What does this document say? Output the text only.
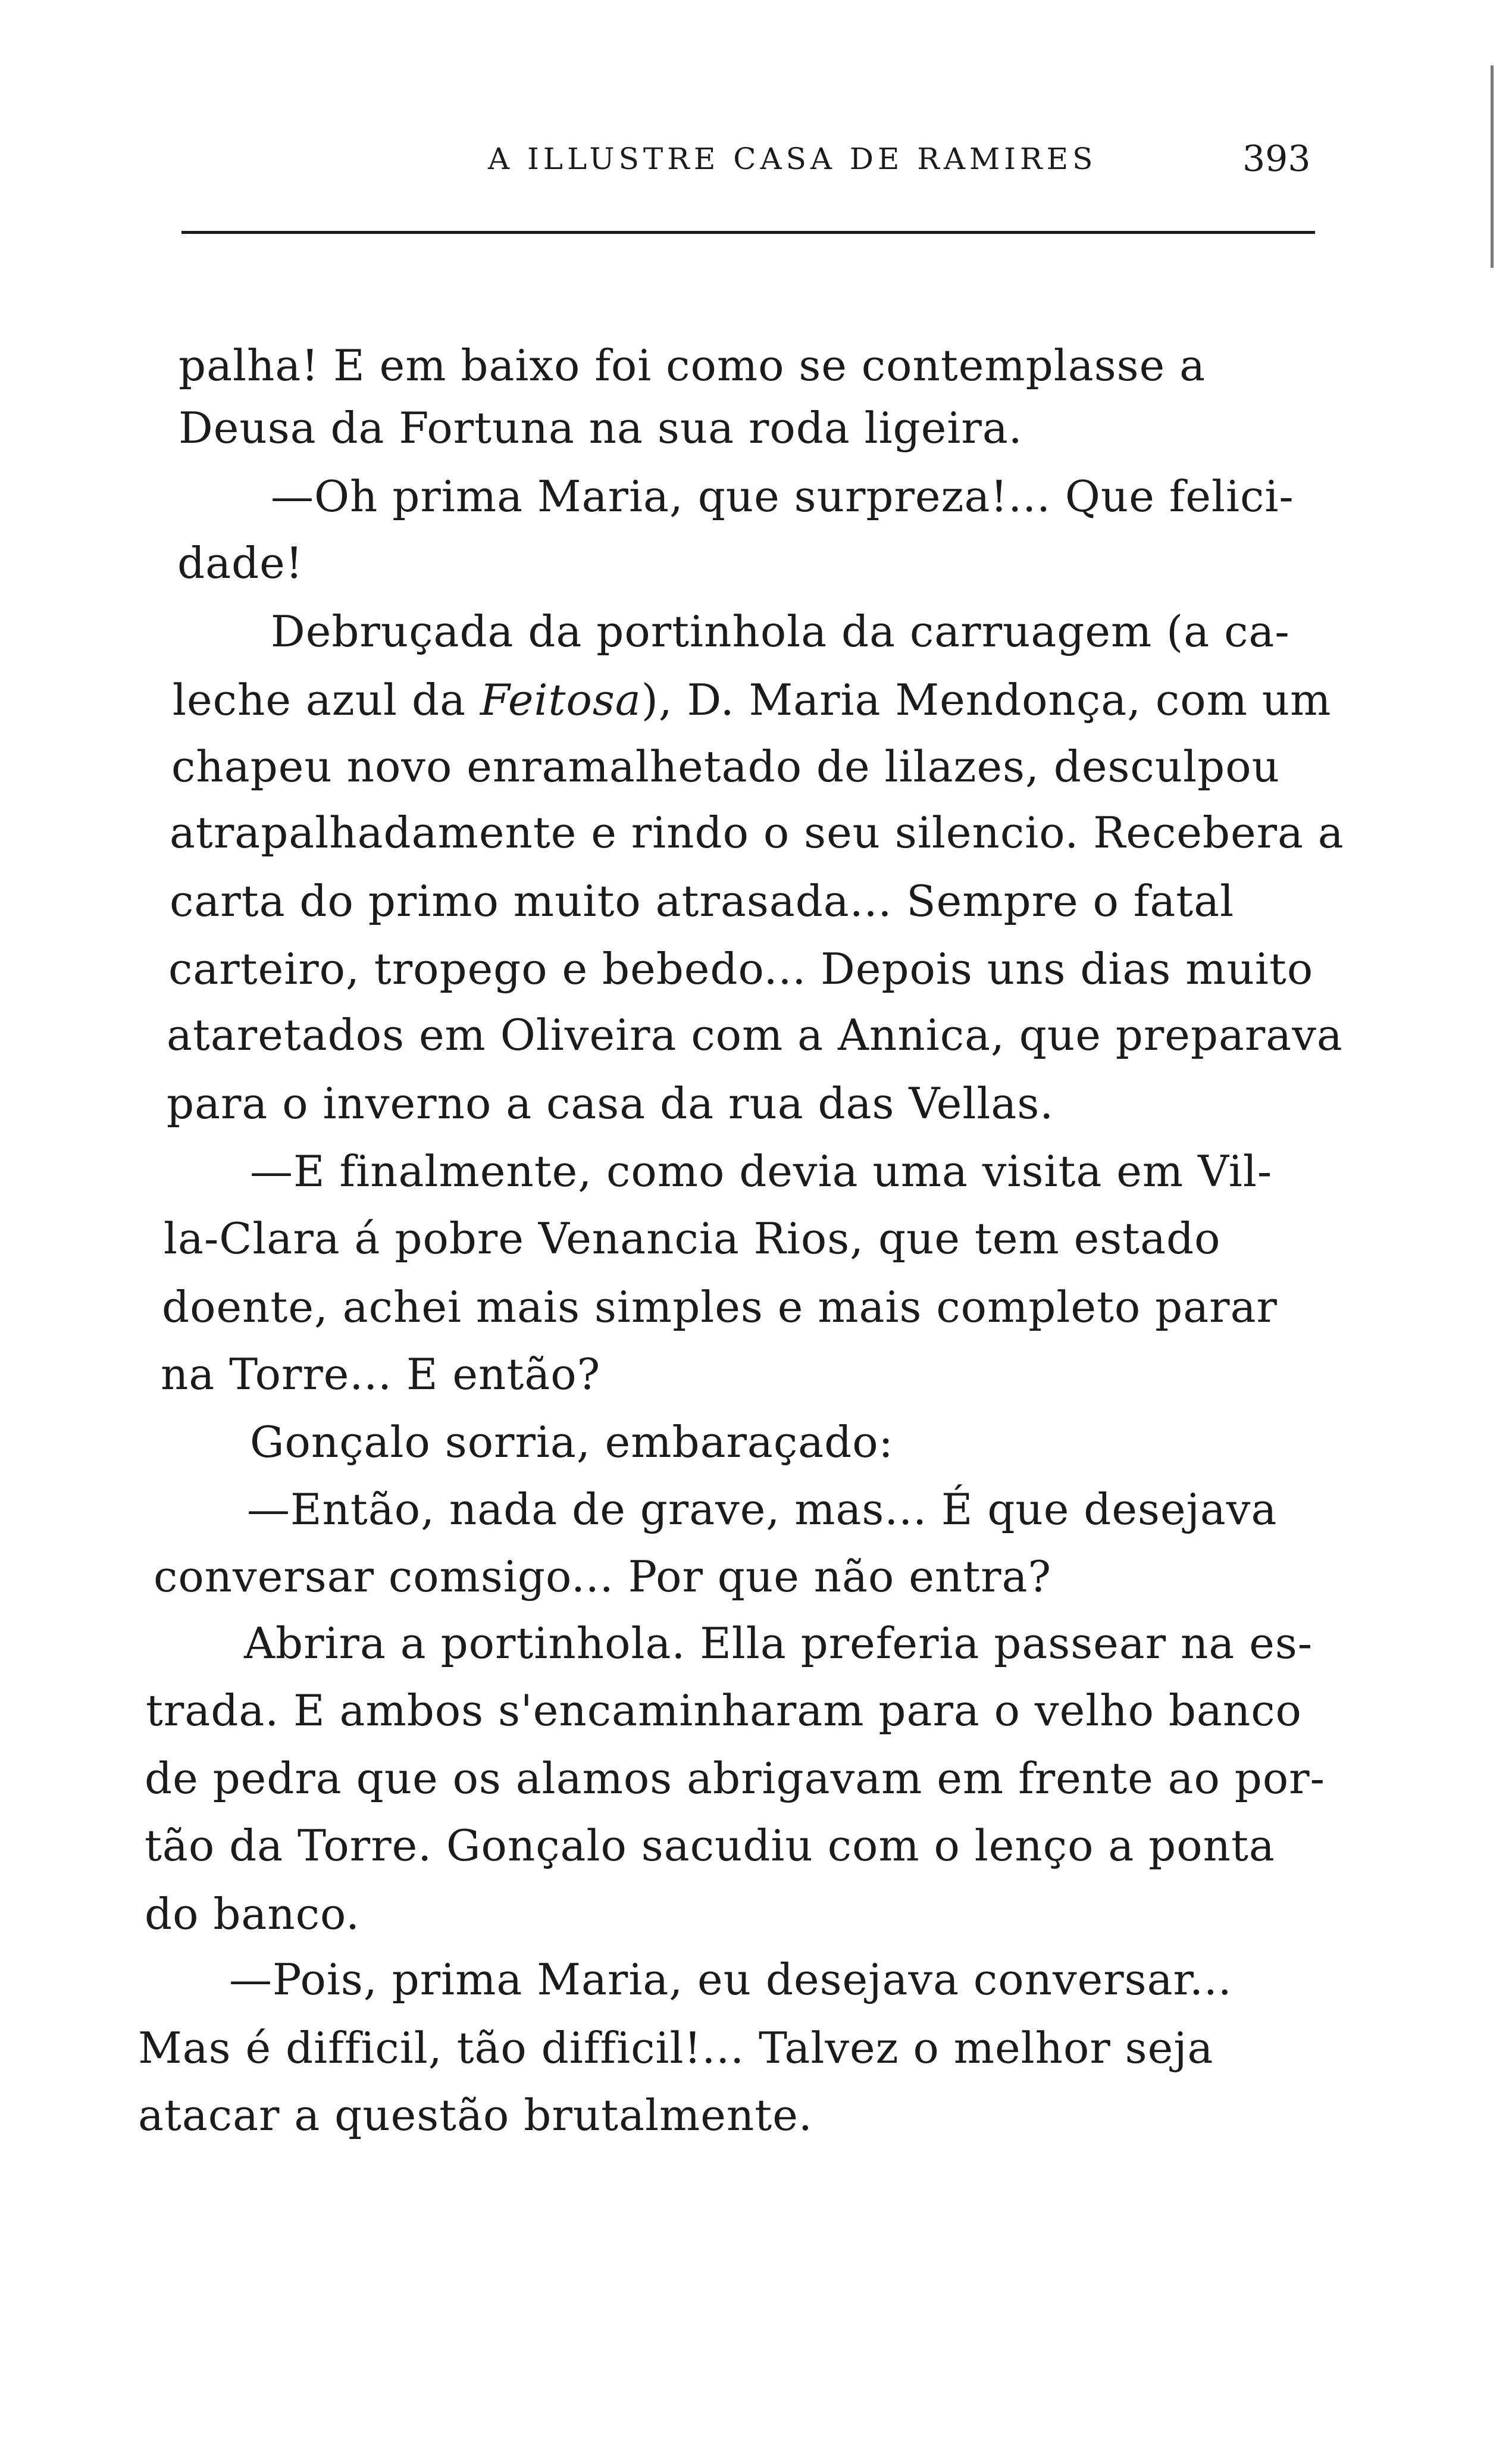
A ILLUSTRE CASA DE RAMIRES	393
palha! E em baixo foi como se contemplasse a
Deusa da Fortuna na sua roda ligeira.
—Oh prima Maria, que surpreza!... Que felici-
dade!
Debruçada da portinhola da carruagem (a ca-
leche azul da Feitosa), D. Maria Mendonça, com um
chapeu novo enramalhetado de lilazes, desculpou
atrapalhadamente e rindo o seu silencio. Recebera a
carta do primo muito atrasada... Sempre o fatal
carteiro, tropego e bebedo... Depois uns dias muito
ataretados em Oliveira com a Annica, que preparava
para o inverno a casa da rua das Vellas.
—E finalmente, como devia uma visita em Vil-
la-Clara á pobre Venancia Rios, que tem estado
doente, achei mais simples e mais completo parar
na Torre... E então?
Gonçalo sorria, embaraçado:
—Então, nada de grave, mas... É que desejava
conversar comsigo... Por que não entra?
Abrira a portinhola. Ella preferia passear na es-
trada. E ambos s'encaminharam para o velho banco
de pedra que os alamos abrigavam em frente ao por-
tão da Torre. Gonçalo sacudiu com o lenço a ponta
do banco.
—Pois, prima Maria, eu desejava conversar...
Mas é difficil, tão difficil!... Talvez o melhor seja
atacar a questão brutalmente.
